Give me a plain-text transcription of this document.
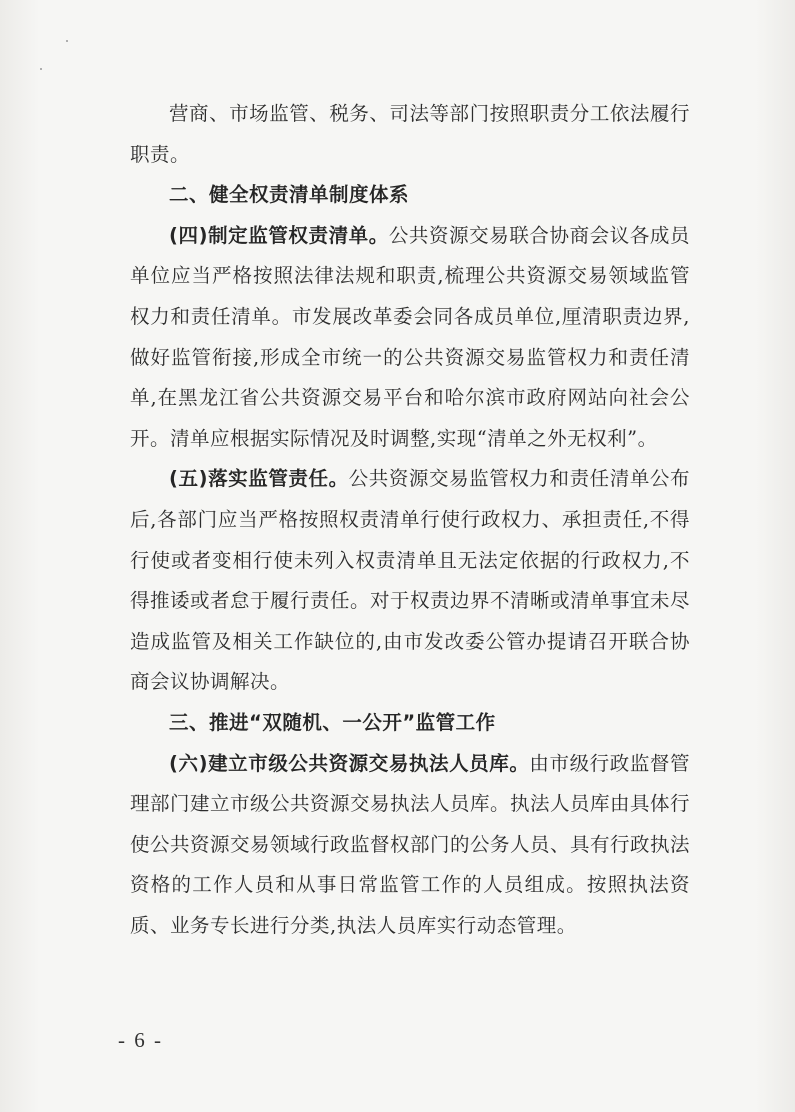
营商、市场监管、税务、司法等部门按照职责分工依法履行职责。

二、健全权责清单制度体系

(四)制定监管权责清单。公共资源交易联合协商会议各成员单位应当严格按照法律法规和职责,梳理公共资源交易领域监管权力和责任清单。市发展改革委会同各成员单位,厘清职责边界,做好监管衔接,形成全市统一的公共资源交易监管权力和责任清单,在黑龙江省公共资源交易平台和哈尔滨市政府网站向社会公开。清单应根据实际情况及时调整,实现“清单之外无权利”。

(五)落实监管责任。公共资源交易监管权力和责任清单公布后,各部门应当严格按照权责清单行使行政权力、承担责任,不得行使或者变相行使未列入权责清单且无法定依据的行政权力,不得推诿或者怠于履行责任。对于权责边界不清晰或清单事宜未尽造成监管及相关工作缺位的,由市发改委公管办提请召开联合协商会议协调解决。

三、推进“双随机、一公开”监管工作

(六)建立市级公共资源交易执法人员库。由市级行政监督管理部门建立市级公共资源交易执法人员库。执法人员库由具体行使公共资源交易领域行政监督权部门的公务人员、具有行政执法资格的工作人员和从事日常监管工作的人员组成。按照执法资质、业务专长进行分类,执法人员库实行动态管理。

- 6 -
